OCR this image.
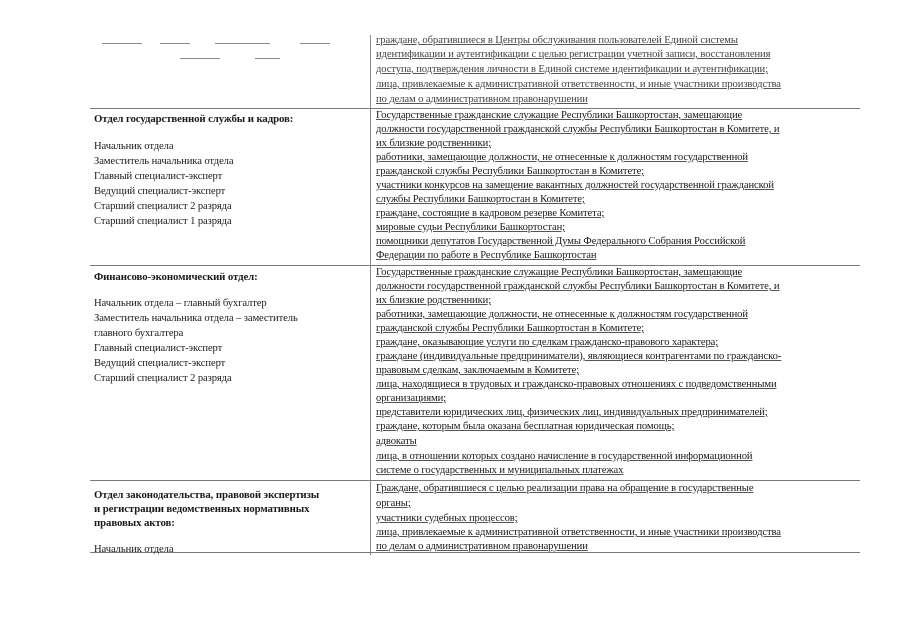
граждане, обратившиеся в Центры обслуживания пользователей Единой системы
идентификации и аутентификации с целью регистрации учетной записи, восстановления
доступа, подтверждения личности в Единой системе идентификации и аутентификации;
лица, привлекаемые к административной ответственности, и иные участники производства
по делам о административном правонарушении
Отдел государственной службы и кадров:
Начальник отдела
Заместитель начальника отдела
Главный специалист-эксперт
Ведущий специалист-эксперт
Старший специалист 2 разряда
Старший специалист 1 разряда
Государственные гражданские служащие Республики Башкортостан, замещающие
должности государственной гражданской службы Республики Башкортостан в Комитете, и
их близкие родственники;
работники, замещающие должности, не отнесенные к должностям государственной
гражданской службы Республики Башкортостан в Комитете;
участники конкурсов на замещение вакантных должностей государственной гражданской
службы Республики Башкортостан в Комитете;
граждане, состоящие в кадровом резерве Комитета;
мировые судьи Республики Башкортостан;
помощники депутатов Государственной Думы Федерального Собрания Российской
Федерации по работе в Республике Башкортостан
Финансово-экономический отдел:
Начальник отдела – главный бухгалтер
Заместитель начальника отдела – заместитель
главного бухгалтера
Главный специалист-эксперт
Ведущий специалист-эксперт
Старший специалист 2 разряда
Государственные гражданские служащие Республики Башкортостан, замещающие
должности государственной гражданской службы Республики Башкортостан в Комитете, и
их близкие родственники;
работники, замещающие должности, не отнесенные к должностям государственной
гражданской службы Республики Башкортостан в Комитете;
граждане, оказывающие услуги по сделкам гражданско-правового характера;
граждане (индивидуальные предприниматели), являющиеся контрагентами по гражданско-
правовым сделкам, заключаемым в Комитете;
лица, находящиеся в трудовых и гражданско-правовых отношениях с подведомственными
организациями;
представители юридических лиц, физических лиц, индивидуальных предпринимателей;
граждане, которым была оказана бесплатная юридическая помощь;
адвокаты
лица, в отношении которых создано начисление в государственной информационной
системе о государственных и муниципальных платежах
Отдел законодательства, правовой экспертизы
и регистрации ведомственных нормативных
правовых актов:
Начальник отдела
Граждане, обратившиеся с целью реализации права на обращение в государственные
органы;
участники судебных процессов;
лица, привлекаемые к административной ответственности, и иные участники производства
по делам о административном правонарушении
